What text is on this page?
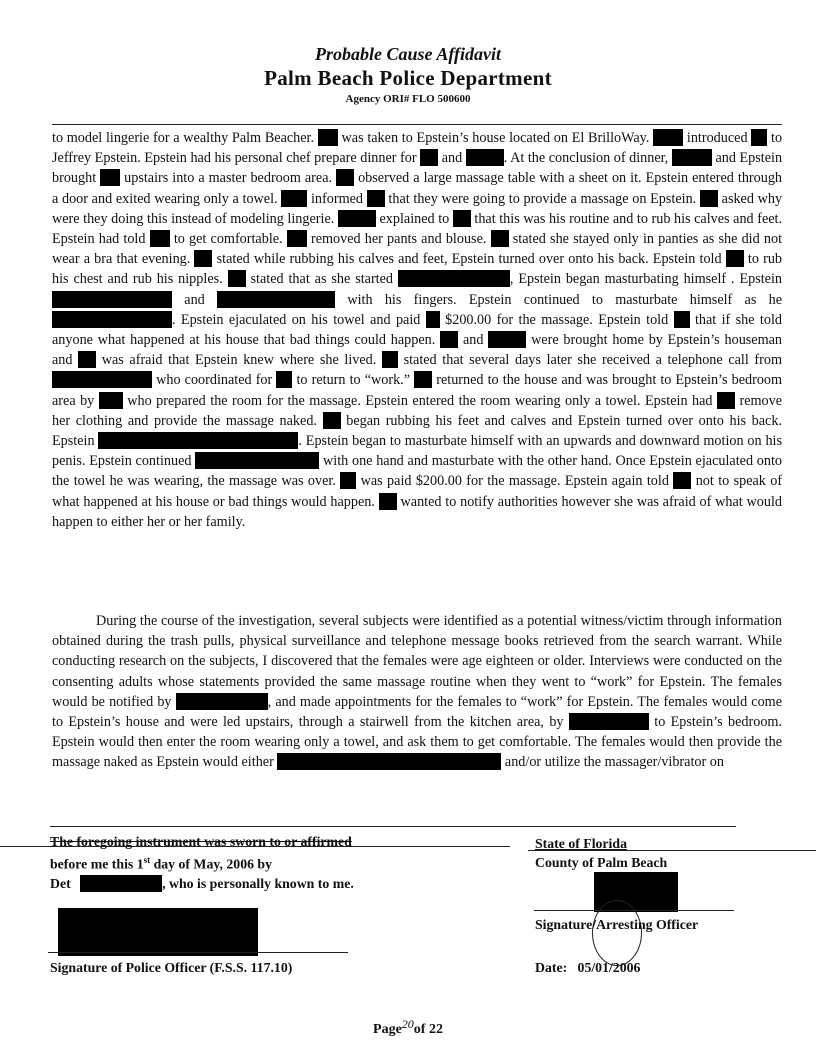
Probable Cause Affidavit
Palm Beach Police Department
Agency ORI# FLO 500600
to model lingerie for a wealthy Palm Beacher. was taken to Epstein’s house located on El BrilloWay.	introduced to Jeffrey Epstein. Epstein had his personal chef prepare dinner for and	. At the conclusion of dinner,	and Epstein brought upstairs into a master bedroom area. observed a large massage table with a sheet on it. Epstein entered through a door and exited wearing only a towel. informed that they were going to provide a massage on Epstein. asked why were they doing this instead of modeling lingerie.	explained to that this was his routine and to rub his calves and feet. Epstein had told to get comfortable. removed her pants and blouse. stated she stayed only in panties as she did not wear a bra that evening. stated while rubbing his calves and feet, Epstein turned over onto his back. Epstein told to rub his chest and rub his nipples. stated that as she started	, Epstein began masturbating himself . Epstein  and	with his fingers. Epstein continued to masturbate himself as he . Epstein ejaculated on his towel and paid $200.00 for the massage. Epstein told that if she told anyone what happened at his house that bad things could happen. and	were brought home by Epstein’s houseman and was afraid that Epstein knew where she lived. stated that several days later she received a telephone call from  who coordinated for to return to “work.” returned to the house and was brought to Epstein’s bedroom area by who prepared the room for the massage. Epstein entered the room wearing only a towel. Epstein had remove her clothing and provide the massage naked. began rubbing his feet and calves and Epstein turned over onto his back. Epstein	. Epstein began to masturbate himself with an upwards and downward motion on his penis. Epstein continued	with one hand and masturbate with the other hand. Once Epstein ejaculated onto the towel he was wearing, the massage was over. was paid $200.00 for the massage. Epstein again told not to speak of what happened at his house or bad things would happen. wanted to notify authorities however she was afraid of what would happen to either her or her family.
During the course of the investigation, several subjects were identified as a potential witness/victim through information obtained during the trash pulls, physical surveillance and telephone message books retrieved from the search warrant. While conducting research on the subjects, I discovered that the females were age eighteen or older. Interviews were conducted on the consenting adults whose statements provided the same massage routine when they went to “work” for Epstein. The females would be notified by	, and made appointments for the females to “work” for Epstein. The females would come to Epstein’s house and were led upstairs, through a stairwell from the kitchen area, by	to Epstein’s bedroom. Epstein would then enter the room wearing only a towel, and ask them to get comfortable. The females would then provide the massage naked as Epstein would either	and/or utilize the massager/vibrator on
The foregoing instrument was sworn to or affirmed
before me this 1st day of May, 2006 by
Det	, who is personally known to me.
Signature of Police Officer (F.S.S. 117.10)
State of Florida
County of Palm Beach
Signature/Arresting Officer
Date: 05/01/2006
Page20of 22
